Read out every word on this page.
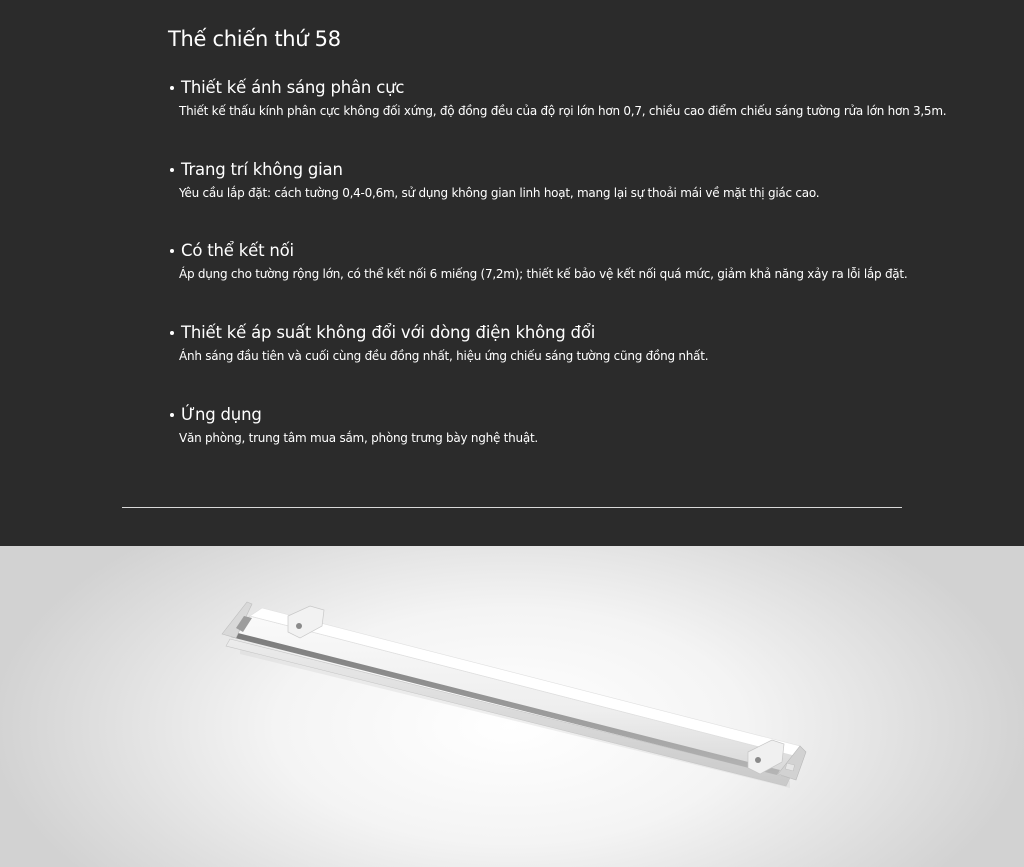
Thế chiến thứ 58
Thiết kế ánh sáng phân cực
Thiết kế thấu kính phân cực không đối xứng, độ đồng đều của độ rọi lớn hơn 0,7, chiều cao điểm chiếu sáng tường rửa lớn hơn 3,5m.
Trang trí không gian
Yêu cầu lắp đặt: cách tường 0,4-0,6m, sử dụng không gian linh hoạt, mang lại sự thoải mái về mặt thị giác cao.
Có thể kết nối
Áp dụng cho tường rộng lớn, có thể kết nối 6 miếng (7,2m); thiết kế bảo vệ kết nối quá mức, giảm khả năng xảy ra lỗi lắp đặt.
Thiết kế áp suất không đổi với dòng điện không đổi
Ánh sáng đầu tiên và cuối cùng đều đồng nhất, hiệu ứng chiếu sáng tường cũng đồng nhất.
Ứng dụng
Văn phòng, trung tâm mua sắm, phòng trưng bày nghệ thuật.
